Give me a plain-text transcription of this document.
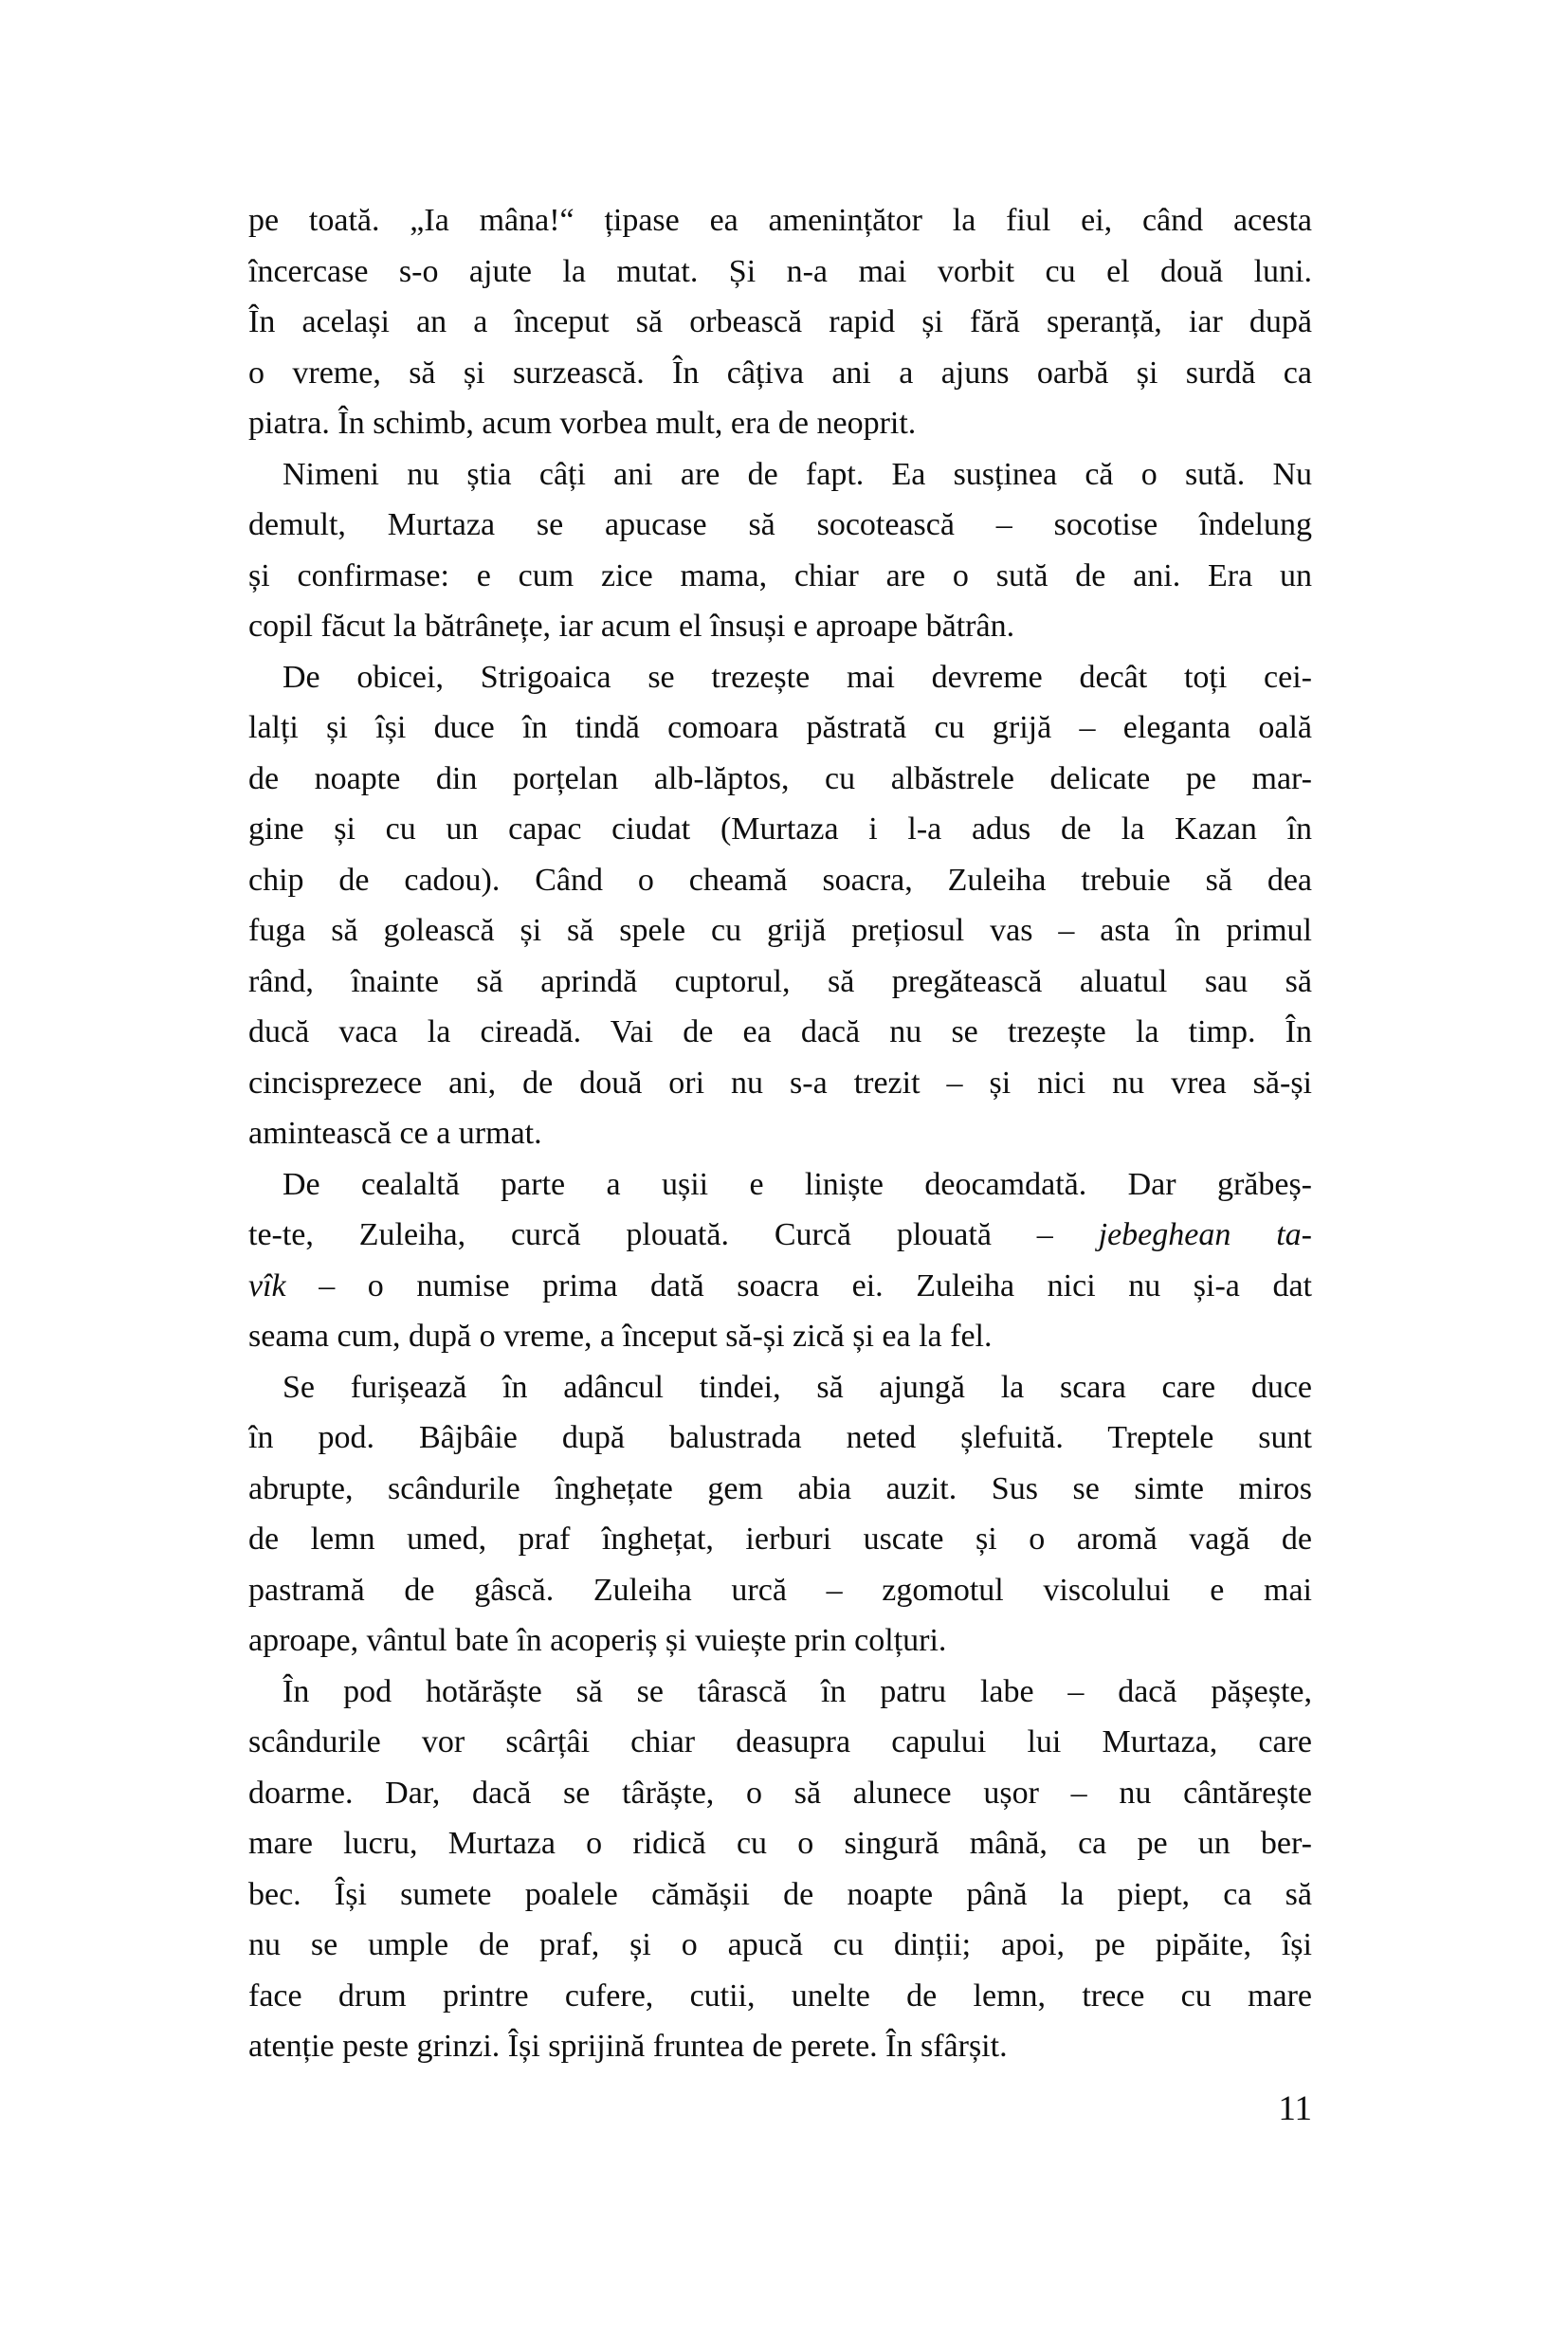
pe toată. „Ia mâna!“ țipase ea amenințător la fiul ei, când acesta
încercase s-o ajute la mutat. Și n-a mai vorbit cu el două luni.
În același an a început să orbească rapid și fără speranță, iar după
o vreme, să și surzească. În câțiva ani a ajuns oarbă și surdă ca
piatra. În schimb, acum vorbea mult, era de neoprit.
Nimeni nu știa câți ani are de fapt. Ea susținea că o sută. Nu
demult, Murtaza se apucase să socotească – socotise îndelung
și confirmase: e cum zice mama, chiar are o sută de ani. Era un
copil făcut la bătrânețe, iar acum el însuși e aproape bătrân.
De obicei, Strigoaica se trezește mai devreme decât toți cei-
lalți și își duce în tindă comoara păstrată cu grijă – eleganta oală
de noapte din porțelan alb-lăptos, cu albăstrele delicate pe mar-
gine și cu un capac ciudat (Murtaza i l-a adus de la Kazan în
chip de cadou). Când o cheamă soacra, Zuleiha trebuie să dea
fuga să golească și să spele cu grijă prețiosul vas – asta în primul
rând, înainte să aprindă cuptorul, să pregătească aluatul sau să
ducă vaca la cireadă. Vai de ea dacă nu se trezește la timp. În
cincisprezece ani, de două ori nu s-a trezit – și nici nu vrea să-și
amintească ce a urmat.
De cealaltă parte a ușii e liniște deocamdată. Dar grăbeș-
te-te, Zuleiha, curcă plouată. Curcă plouată – jebeghean ta-
vîk – o numise prima dată soacra ei. Zuleiha nici nu și-a dat
seama cum, după o vreme, a început să-și zică și ea la fel.
Se furișează în adâncul tindei, să ajungă la scara care duce
în pod. Bâjbâie după balustrada neted șlefuită. Treptele sunt
abrupte, scândurile înghețate gem abia auzit. Sus se simte miros
de lemn umed, praf înghețat, ierburi uscate și o aromă vagă de
pastramă de gâscă. Zuleiha urcă – zgomotul viscolului e mai
aproape, vântul bate în acoperiș și vuiește prin colțuri.
În pod hotărăște să se târască în patru labe – dacă pășește,
scândurile vor scârțâi chiar deasupra capului lui Murtaza, care
doarme. Dar, dacă se târăște, o să alunece ușor – nu cântărește
mare lucru, Murtaza o ridică cu o singură mână, ca pe un ber-
bec. Își sumete poalele cămășii de noapte până la piept, ca să
nu se umple de praf, și o apucă cu dinții; apoi, pe pipăite, își
face drum printre cufere, cutii, unelte de lemn, trece cu mare
atenție peste grinzi. Își sprijină fruntea de perete. În sfârșit.
11
